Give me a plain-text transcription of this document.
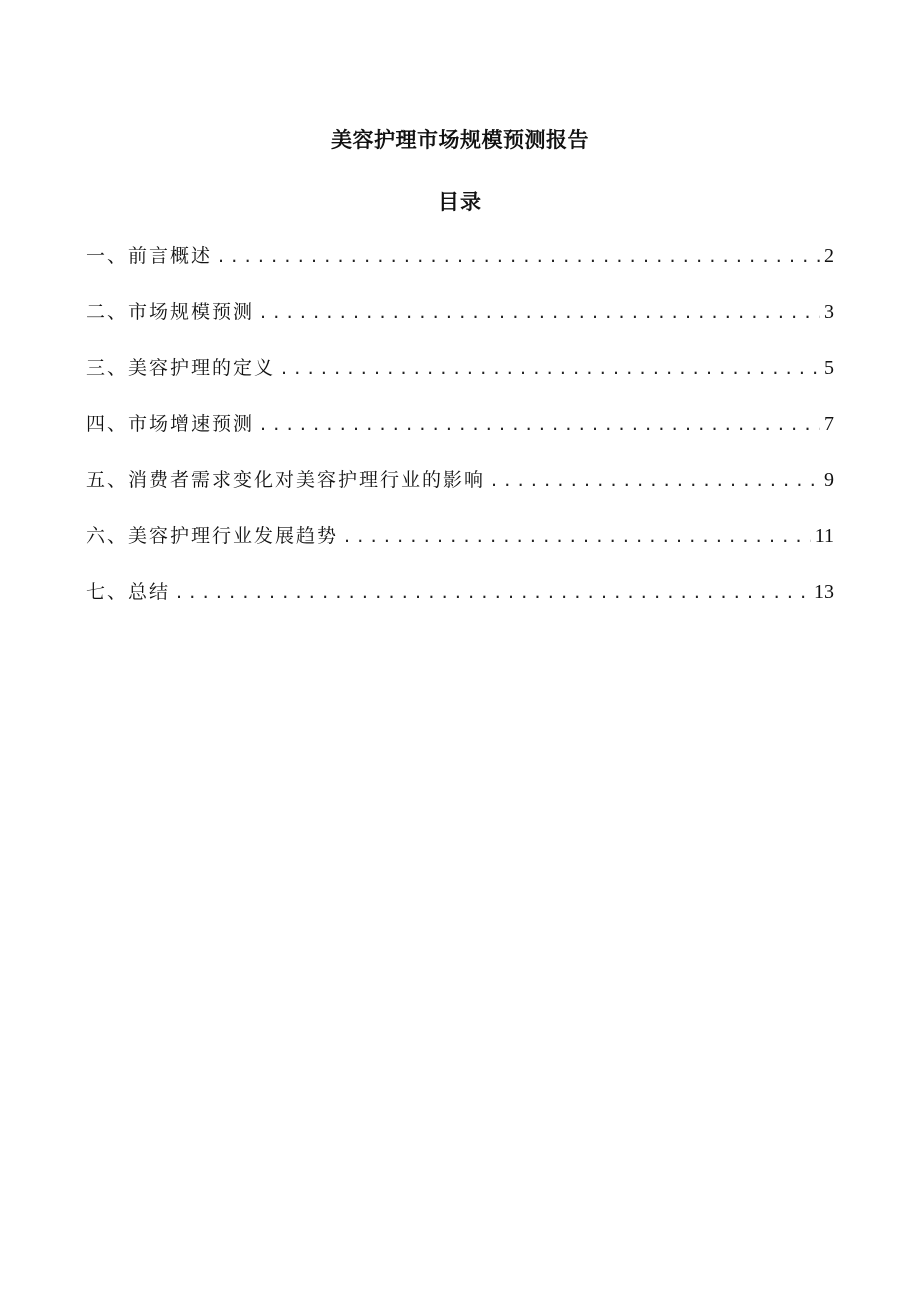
美容护理市场规模预测报告
目录
一、前言概述 . . .	2
二、市场规模预测 . . .	3
三、美容护理的定义 . . .	5
四、市场增速预测 . . .	7
五、消费者需求变化对美容护理行业的影响 . . .	9
六、美容护理行业发展趋势 . . .	11
七、总结 . . .	13
